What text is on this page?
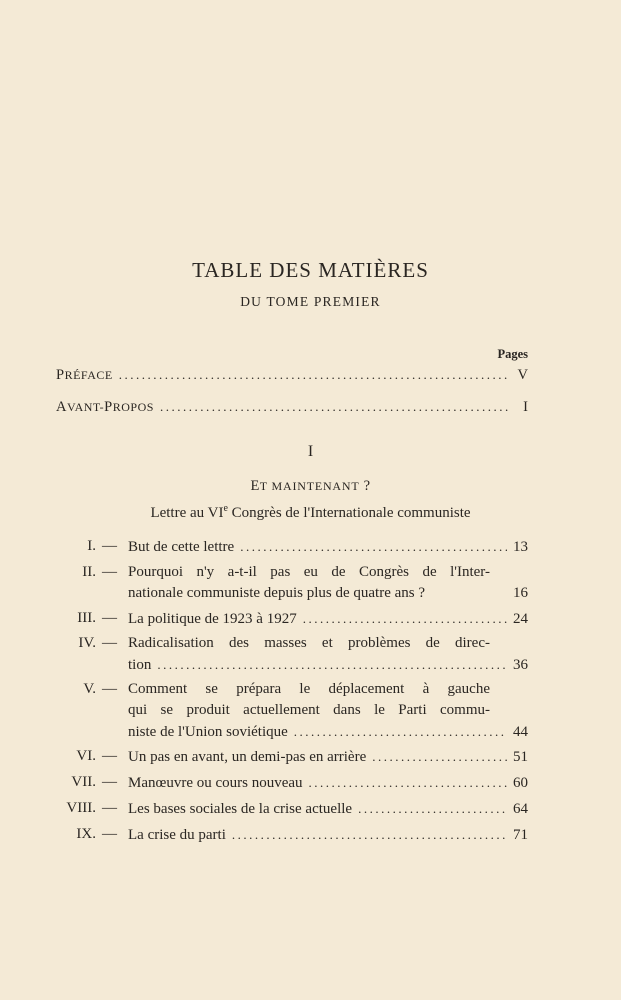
TABLE DES MATIÈRES
DU TOME PREMIER
Pages
PRÉFACE .....	V
AVANT-PROPOS .....	I
I
ET MAINTENANT ?
Lettre au VIe Congrès de l'Internationale communiste
I. — But de cette lettre .....	13
II. — Pourquoi n'y a-t-il pas eu de Congrès de l'Inter-
nationale communiste depuis plus de quatre ans ?	16
III. — La politique de 1923 à 1927 .....	24
IV. — Radicalisation des masses et problèmes de direc-
tion .....	36
V. — Comment se prépara le déplacement à gauche
qui se produit actuellement dans le Parti commu-
niste de l'Union soviétique .....	44
VI. — Un pas en avant, un demi-pas en arrière .....	51
VII. — Manœuvre ou cours nouveau .....	60
VIII. — Les bases sociales de la crise actuelle .....	64
IX. — La crise du parti .....	71
